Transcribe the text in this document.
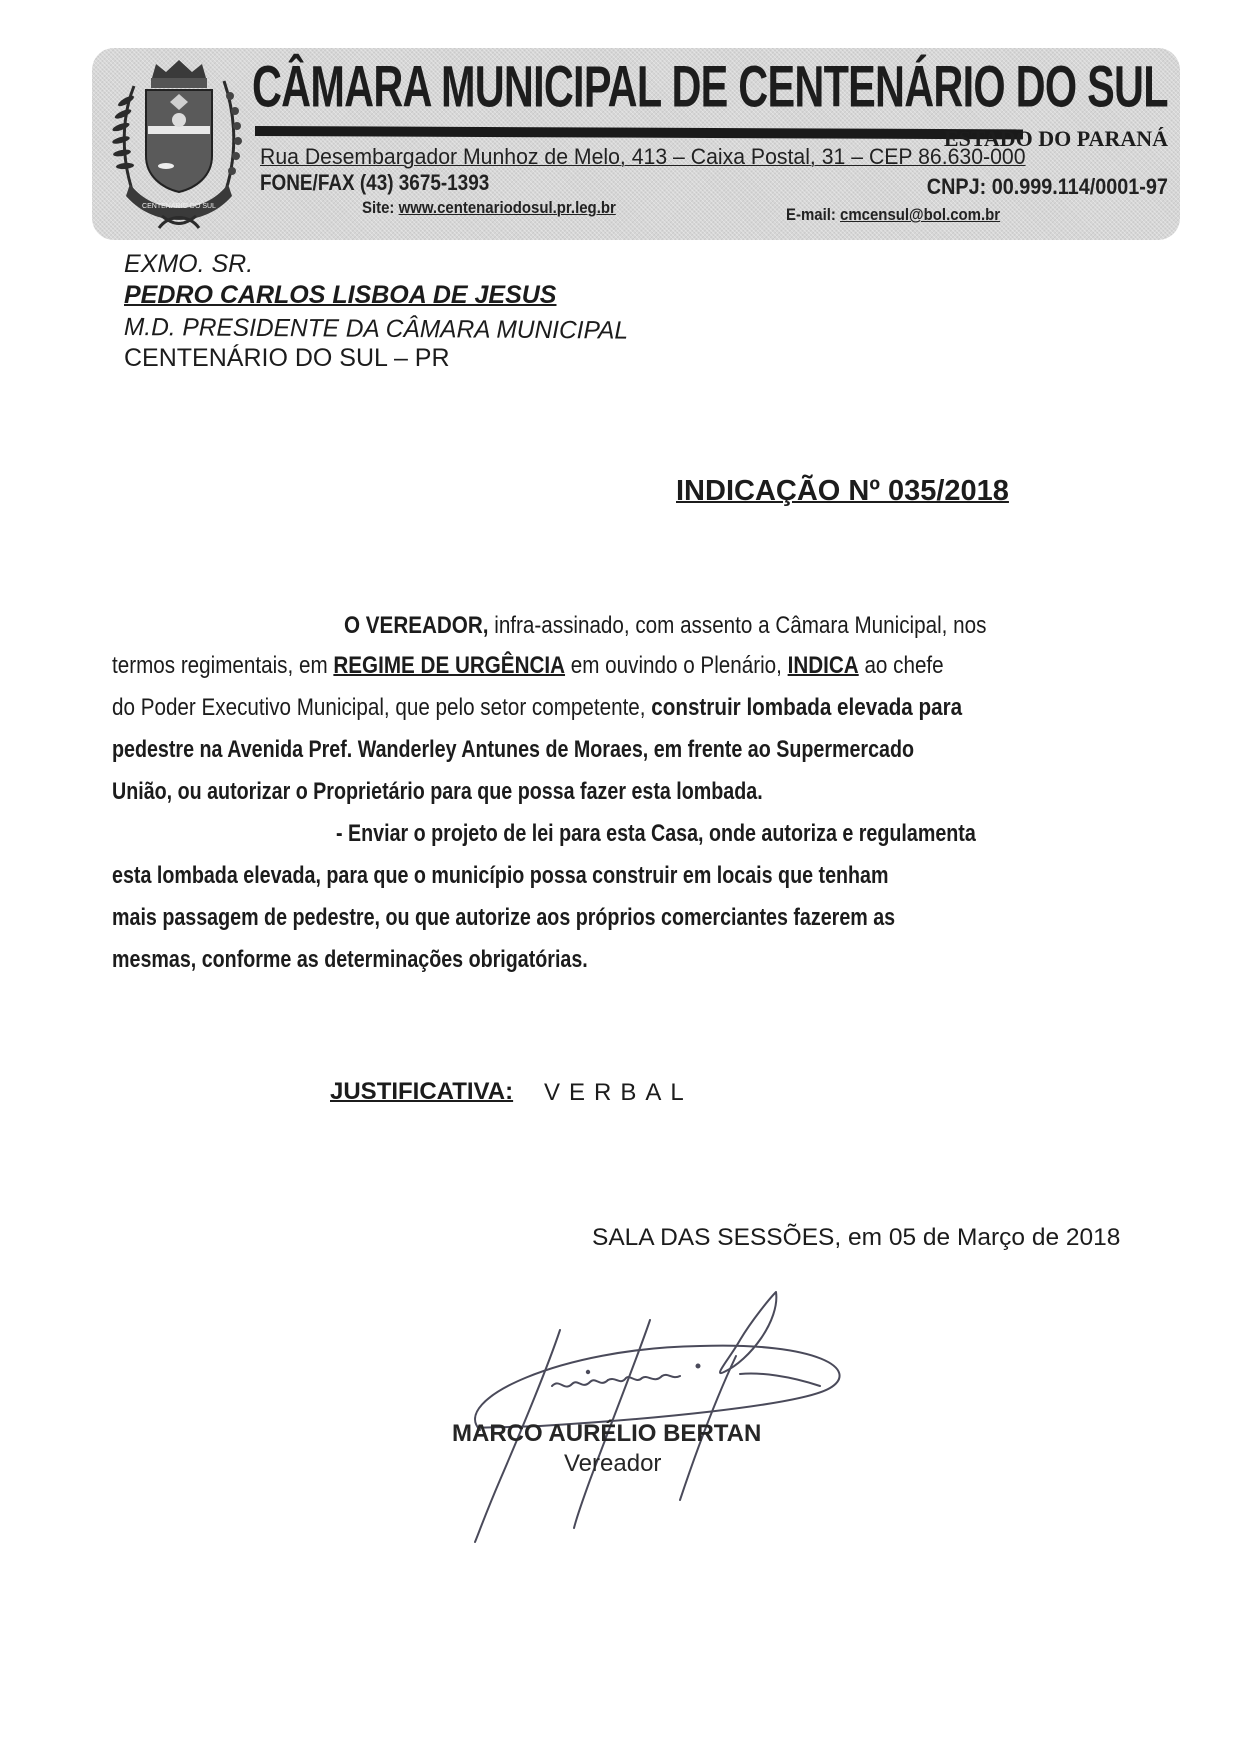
CENTENÁRIO DO SUL
CÂMARA MUNICIPAL DE CENTENÁRIO DO SUL
ESTADO DO PARANÁ
Rua Desembargador Munhoz de Melo, 413 – Caixa Postal, 31 – CEP 86.630-000
FONE/FAX (43) 3675-1393	CNPJ: 00.999.114/0001-97
Site: www.centenariodosul.pr.leg.br	E-mail: cmcensul@bol.com.br
EXMO. SR.
PEDRO CARLOS LISBOA DE JESUS
M.D. PRESIDENTE DA CÂMARA MUNICIPAL
CENTENÁRIO DO SUL – PR
INDICAÇÃO Nº 035/2018
O VEREADOR, infra-assinado, com assento a Câmara Municipal, nos
termos regimentais, em REGIME DE URGÊNCIA em ouvindo o Plenário, INDICA ao chefe
do Poder Executivo Municipal, que pelo setor competente, construir lombada elevada para
pedestre na Avenida Pref. Wanderley Antunes de Moraes, em frente ao Supermercado
União, ou autorizar o Proprietário para que possa fazer esta lombada.
- Enviar o projeto de lei para esta Casa, onde autoriza e regulamenta
esta lombada elevada, para que o município possa construir em locais que tenham
mais passagem de pedestre, ou que autorize aos próprios comerciantes fazerem as
mesmas, conforme as determinações obrigatórias.
JUSTIFICATIVA: VERBAL
SALA DAS SESSÕES, em 05 de Março de 2018
MARCO AURÉLIO BERTAN
Vereador
